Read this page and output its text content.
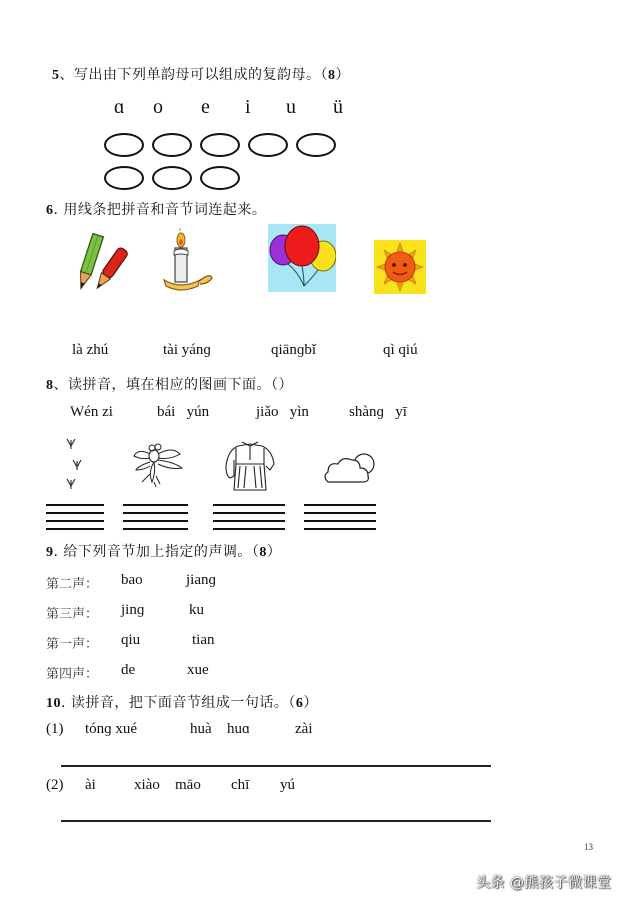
5、写出由下列单韵母可以组成的复韵母。（8）
ɑ o e i u ü
6. 用线条把拼音和音节词连起来。
là zhú	tài yánɡ	qiānɡbǐ	qì qiú
8、读拼音，填在相应的图画下面。（）
Wén zi	bái   yún	jiǎo   yìn	shànɡ   yī
9. 给下列音节加上指定的声调。（8）
第二声： bao	jianɡ
第三声： jinɡ	ku
第一声： qiu	tian
第四声： de	xue
10. 读拼音，把下面音节组成一句话。（6）
(1) tónɡ xué	huà huɑ	zài
(2) ài	xiào māo chī yú
13
头条 @熊孩子微课堂
